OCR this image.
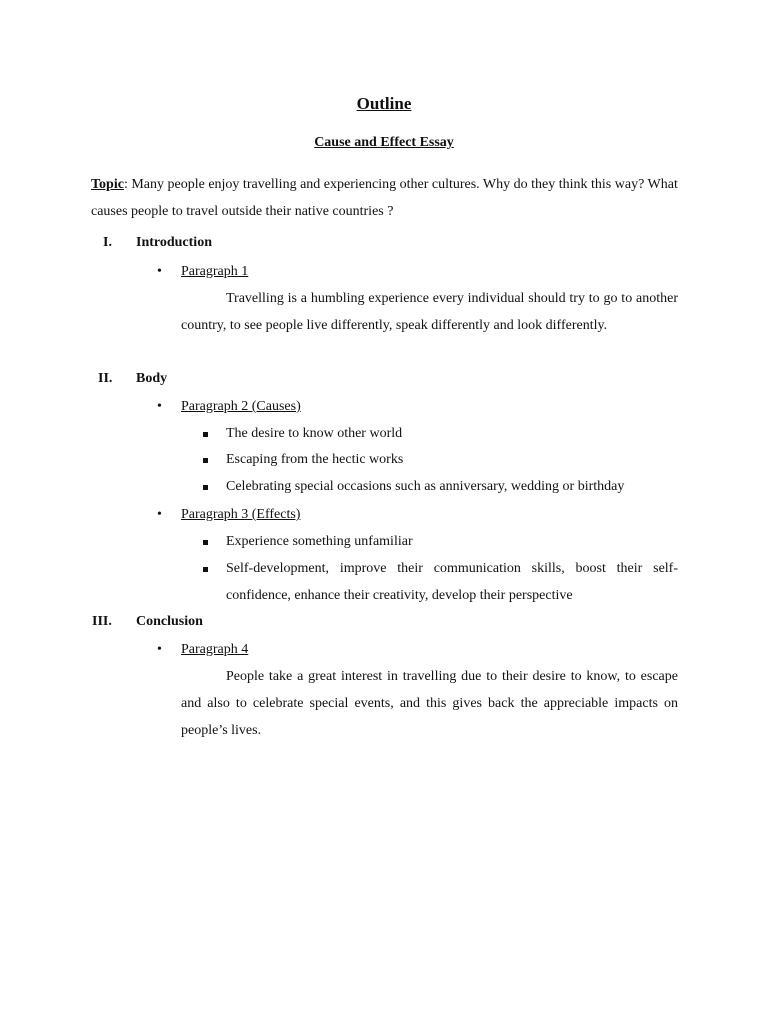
Outline
Cause and Effect Essay
Topic: Many people enjoy travelling and experiencing other cultures. Why do they think this way? What causes people to travel outside their native countries ?
I.	Introduction
• Paragraph 1
Travelling is a humbling experience every individual should try to go to another country, to see people live differently, speak differently and look differently.
II.	Body
• Paragraph 2 (Causes)
The desire to know other world
Escaping from the hectic works
Celebrating special occasions such as anniversary, wedding or birthday
• Paragraph 3 (Effects)
Experience something unfamiliar
Self-development, improve their communication skills, boost their self-confidence, enhance their creativity, develop their perspective
III.	Conclusion
• Paragraph 4
People take a great interest in travelling due to their desire to know, to escape and also to celebrate special events, and this gives back the appreciable impacts on people’s lives.
